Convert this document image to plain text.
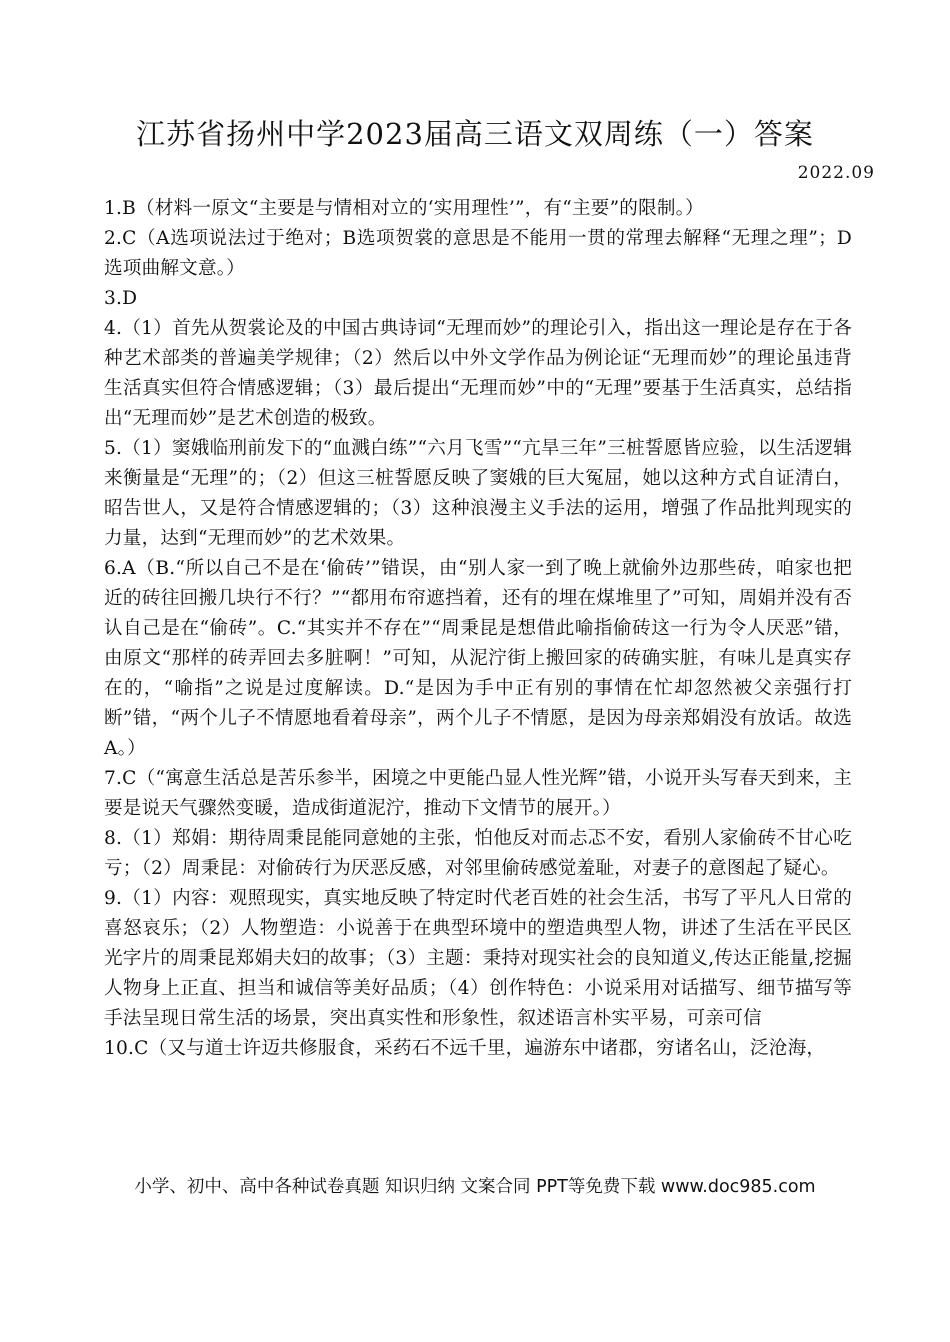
江苏省扬州中学2023届高三语文双周练（一）答案
2022.09

1.B（材料一原文“主要是与情相对立的‘实用理性’”，有“主要”的限制。）

2.C（A选项说法过于绝对；B选项贺裳的意思是不能用一贯的常理去解释“无理之理”；D选项曲解文意。）

3.D

4.（1）首先从贺裳论及的中国古典诗词“无理而妙”的理论引入，指出这一理论是存在于各种艺术部类的普遍美学规律；（2）然后以中外文学作品为例论证“无理而妙”的理论虽违背生活真实但符合情感逻辑；（3）最后提出“无理而妙”中的“无理”要基于生活真实，总结指出“无理而妙”是艺术创造的极致。

5.（1）窦娥临刑前发下的“血溅白练”“六月飞雪”“亢旱三年”三桩誓愿皆应验，以生活逻辑来衡量是“无理”的；（2）但这三桩誓愿反映了窦娥的巨大冤屈，她以这种方式自证清白，昭告世人，又是符合情感逻辑的；（3）这种浪漫主义手法的运用，增强了作品批判现实的力量，达到“无理而妙”的艺术效果。

6.A（B.“所以自己不是在‘偷砖’”错误，由“别人家一到了晚上就偷外边那些砖，咱家也把近的砖往回搬几块行不行？”“都用布帘遮挡着，还有的埋在煤堆里了”可知，周娟并没有否认自己是在“偷砖”。C.“其实并不存在”“周秉昆是想借此喻指偷砖这一行为令人厌恶”错，由原文“那样的砖弄回去多脏啊！”可知，从泥泞街上搬回家的砖确实脏，有味儿是真实存在的，“喻指”之说是过度解读。D.“是因为手中正有别的事情在忙却忽然被父亲强行打断”错，“两个儿子不情愿地看着母亲”，两个儿子不情愿，是因为母亲郑娟没有放话。故选A。）

7.C（“寓意生活总是苦乐参半，困境之中更能凸显人性光辉”错，小说开头写春天到来，主要是说天气骤然变暖，造成街道泥泞，推动下文情节的展开。）

8.（1）郑娟：期待周秉昆能同意她的主张，怕他反对而忐忑不安，看别人家偷砖不甘心吃亏；（2）周秉昆：对偷砖行为厌恶反感，对邻里偷砖感觉羞耻，对妻子的意图起了疑心。

9.（1）内容：观照现实，真实地反映了特定时代老百姓的社会生活，书写了平凡人日常的喜怒哀乐；（2）人物塑造：小说善于在典型环境中的塑造典型人物，讲述了生活在平民区光字片的周秉昆郑娟夫妇的故事；（3）主题：秉持对现实社会的良知道义,传达正能量,挖掘人物身上正直、担当和诚信等美好品质；（4）创作特色：小说采用对话描写、细节描写等手法呈现日常生活的场景，突出真实性和形象性，叙述语言朴实平易，可亲可信

10.C（又与道士许迈共修服食，采药石不远千里，遍游东中诸郡，穷诸名山，泛沧海，

小学、初中、高中各种试卷真题 知识归纳 文案合同 PPT等免费下载 www.doc985.com
